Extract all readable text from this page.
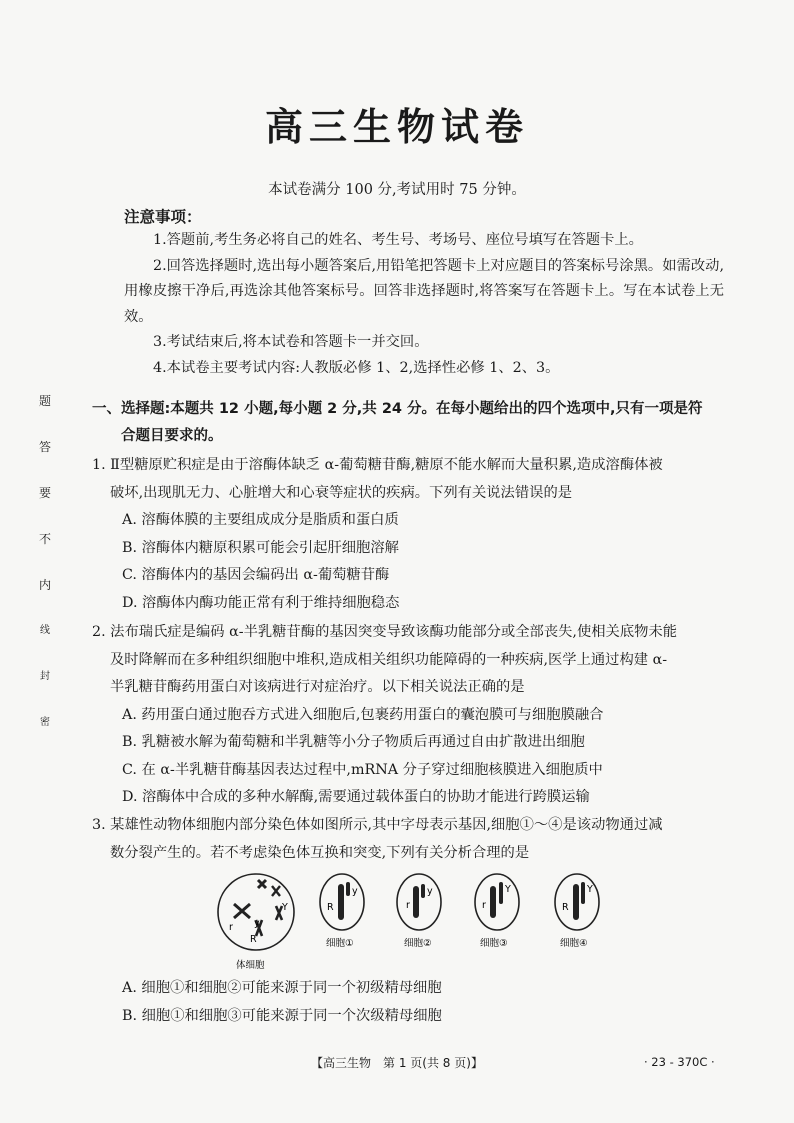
高三生物试卷
本试卷满分 100 分,考试用时 75 分钟。
注意事项：

1.答题前,考生务必将自己的姓名、考生号、考场号、座位号填写在答题卡上。

2.回答选择题时,选出每小题答案后,用铅笔把答题卡上对应题目的答案标号涂黑。如需改动,用橡皮擦干净后,再选涂其他答案标号。回答非选择题时,将答案写在答题卡上。写在本试卷上无效。

3.考试结束后,将本试卷和答题卡一并交回。

4.本试卷主要考试内容:人教版必修 1、2,选择性必修 1、2、3。

题
答
要
不
内
线
封
密
一、选择题:本题共 12 小题,每小题 2 分,共 24 分。在每小题给出的四个选项中,只有一项是符
合题目要求的。
1. Ⅱ型糖原贮积症是由于溶酶体缺乏 α-葡萄糖苷酶,糖原不能水解而大量积累,造成溶酶体被
破坏,出现肌无力、心脏增大和心衰等症状的疾病。下列有关说法错误的是
A. 溶酶体膜的主要组成成分是脂质和蛋白质
B. 溶酶体内糖原积累可能会引起肝细胞溶解
C. 溶酶体内的基因会编码出 α-葡萄糖苷酶
D. 溶酶体内酶功能正常有利于维持细胞稳态
2. 法布瑞氏症是编码 α-半乳糖苷酶的基因突变导致该酶功能部分或全部丧失,使相关底物未能
及时降解而在多种组织细胞中堆积,造成相关组织功能障碍的一种疾病,医学上通过构建 α-
半乳糖苷酶药用蛋白对该病进行对症治疗。以下相关说法正确的是
A. 药用蛋白通过胞吞方式进入细胞后,包裹药用蛋白的囊泡膜可与细胞膜融合
B. 乳糖被水解为葡萄糖和半乳糖等小分子物质后再通过自由扩散进出细胞
C. 在 α-半乳糖苷酶基因表达过程中,mRNA 分子穿过细胞核膜进入细胞质中
D. 溶酶体中合成的多种水解酶,需要通过载体蛋白的协助才能进行跨膜运输
3. 某雄性动物体细胞内部分染色体如图所示,其中字母表示基因,细胞①～④是该动物通过减
数分裂产生的。若不考虑染色体互换和突变,下列有关分析合理的是
y
Y
R
r
体细胞
R
y
细胞①
r
y
细胞②
r
Y
细胞③
R
Y
细胞④
A. 细胞①和细胞②可能来源于同一个初级精母细胞
B. 细胞①和细胞③可能来源于同一个次级精母细胞
【高三生物　第 1 页(共 8 页)】	· 23 - 370C ·
